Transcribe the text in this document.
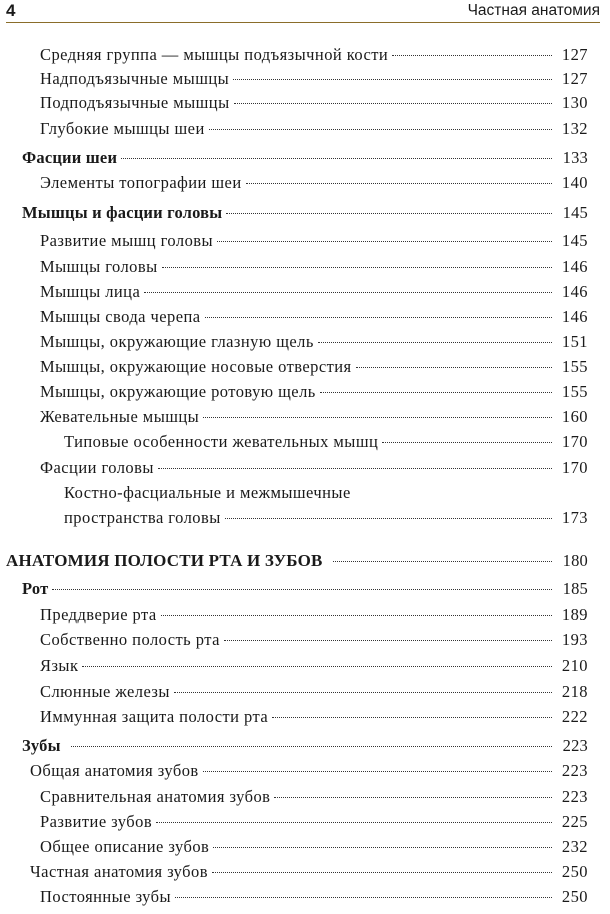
4	Частная анатомия
Средняя группа — мышцы подъязычной кости	127
Надподъязычные мышцы	127
Подподъязычные мышцы	130
Глубокие мышцы шеи	132
Фасции шеи	133
Элементы топографии шеи	140
Мышцы и фасции головы	145
Развитие мышц головы	145
Мышцы головы	146
Мышцы лица	146
Мышцы свода черепа	146
Мышцы, окружающие глазную щель	151
Мышцы, окружающие носовые отверстия	155
Мышцы, окружающие ротовую щель	155
Жевательные мышцы	160
Типовые особенности жевательных мышц	170
Фасции головы	170
Костно-фасциальные и межмышечные
пространства головы	173
АНАТОМИЯ ПОЛОСТИ РТА И ЗУБОВ	180
Рот	185
Преддверие рта	189
Собственно полость рта	193
Язык	210
Слюнные железы	218
Иммунная защита полости рта	222
Зубы	223
Общая анатомия зубов	223
Сравнительная анатомия зубов	223
Развитие зубов	225
Общее описание зубов	232
Частная анатомия зубов	250
Постоянные зубы	250
